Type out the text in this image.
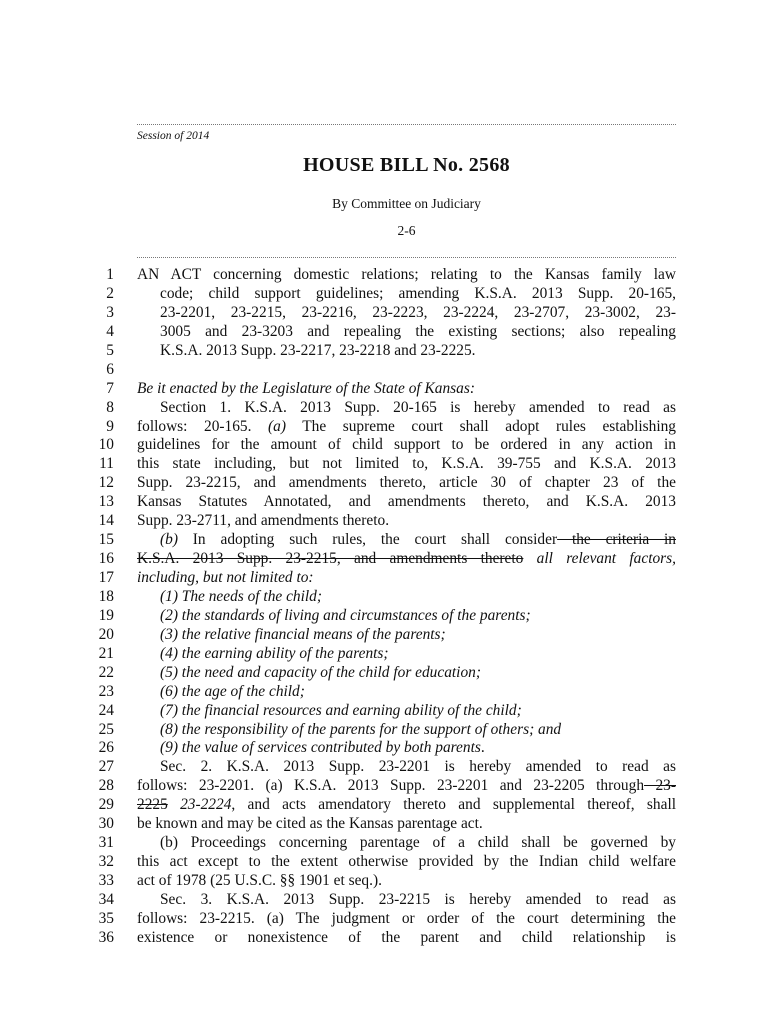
Session of 2014
HOUSE BILL No. 2568
By Committee on Judiciary
2-6
1 AN ACT concerning domestic relations; relating to the Kansas family law
2	code; child support guidelines; amending K.S.A. 2013 Supp. 20-165,
3	23-2201, 23-2215, 23-2216, 23-2223, 23-2224, 23-2707, 23-3002, 23-
4	3005 and 23-3203 and repealing the existing sections; also repealing
5	K.S.A. 2013 Supp. 23-2217, 23-2218 and 23-2225.
6
7 Be it enacted by the Legislature of the State of Kansas:
8	Section 1. K.S.A. 2013 Supp. 20-165 is hereby amended to read as
9 follows: 20-165. (a) The supreme court shall adopt rules establishing
10 guidelines for the amount of child support to be ordered in any action in
11 this state including, but not limited to, K.S.A. 39-755 and K.S.A. 2013
12 Supp. 23-2215, and amendments thereto, article 30 of chapter 23 of the
13 Kansas Statutes Annotated, and amendments thereto, and K.S.A. 2013
14 Supp. 23-2711, and amendments thereto.
15	(b) In adopting such rules, the court shall consider the criteria in
16 K.S.A. 2013 Supp. 23-2215, and amendments thereto all relevant factors,
17 including, but not limited to:
18	(1) The needs of the child;
19	(2) the standards of living and circumstances of the parents;
20	(3) the relative financial means of the parents;
21	(4) the earning ability of the parents;
22	(5) the need and capacity of the child for education;
23	(6) the age of the child;
24	(7) the financial resources and earning ability of the child;
25	(8) the responsibility of the parents for the support of others; and
26	(9) the value of services contributed by both parents.
27	Sec. 2. K.S.A. 2013 Supp. 23-2201 is hereby amended to read as
28 follows: 23-2201. (a) K.S.A. 2013 Supp. 23-2201 and 23-2205 through 23-
29 2225 23-2224, and acts amendatory thereto and supplemental thereof, shall
30 be known and may be cited as the Kansas parentage act.
31	(b) Proceedings concerning parentage of a child shall be governed by
32 this act except to the extent otherwise provided by the Indian child welfare
33 act of 1978 (25 U.S.C. §§ 1901 et seq.).
34	Sec. 3. K.S.A. 2013 Supp. 23-2215 is hereby amended to read as
35 follows: 23-2215. (a) The judgment or order of the court determining the
36 existence or nonexistence of the parent and child relationship is
